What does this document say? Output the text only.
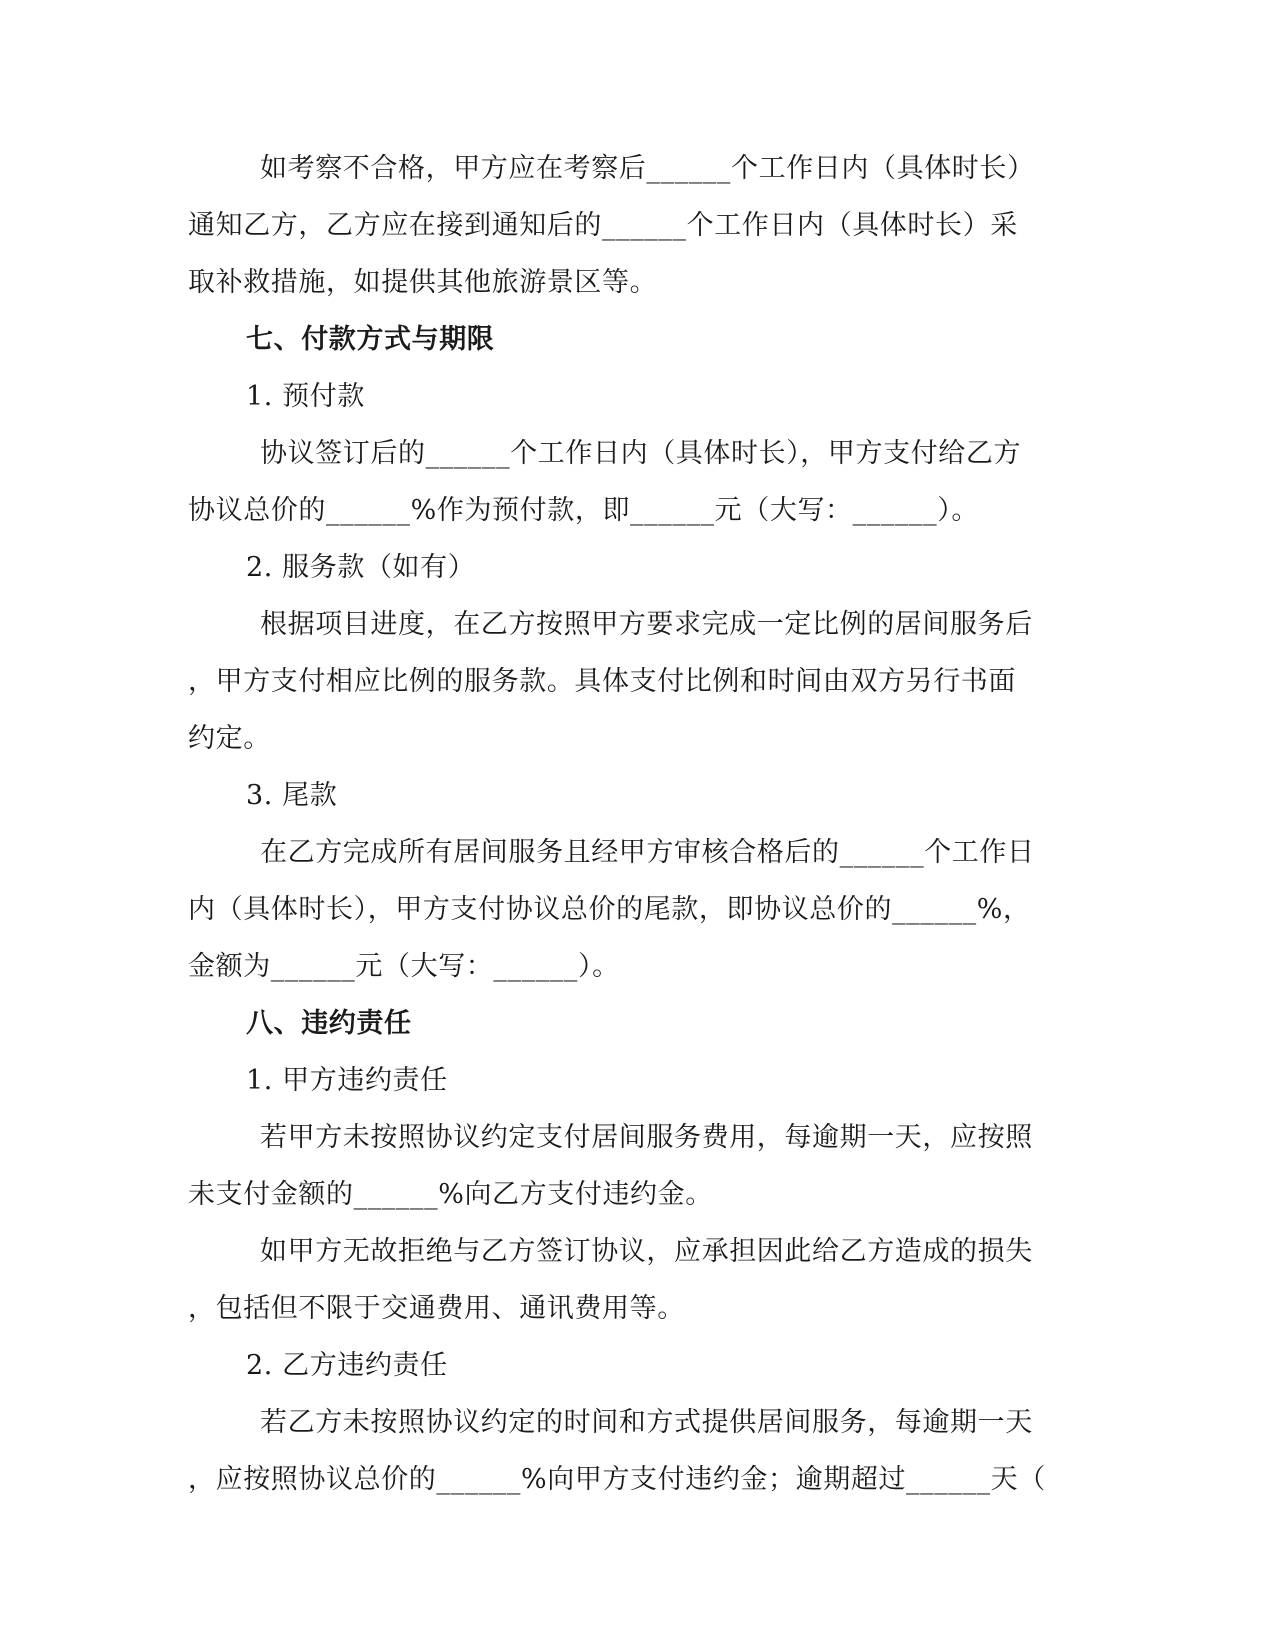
如考察不合格，甲方应在考察后______个工作日内（具体时长）
通知乙方，乙方应在接到通知后的______个工作日内（具体时长）采
取补救措施，如提供其他旅游景区等。
七、付款方式与期限
1. 预付款
协议签订后的______个工作日内（具体时长），甲方支付给乙方
协议总价的______%作为预付款，即______元（大写：______）。
2. 服务款（如有）
根据项目进度，在乙方按照甲方要求完成一定比例的居间服务后
，甲方支付相应比例的服务款。具体支付比例和时间由双方另行书面
约定。
3. 尾款
在乙方完成所有居间服务且经甲方审核合格后的______个工作日
内（具体时长），甲方支付协议总价的尾款，即协议总价的______%，
金额为______元（大写：______）。
八、违约责任
1. 甲方违约责任
若甲方未按照协议约定支付居间服务费用，每逾期一天，应按照
未支付金额的______%向乙方支付违约金。
如甲方无故拒绝与乙方签订协议，应承担因此给乙方造成的损失
，包括但不限于交通费用、通讯费用等。
2. 乙方违约责任
若乙方未按照协议约定的时间和方式提供居间服务，每逾期一天
，应按照协议总价的______%向甲方支付违约金；逾期超过______天（
